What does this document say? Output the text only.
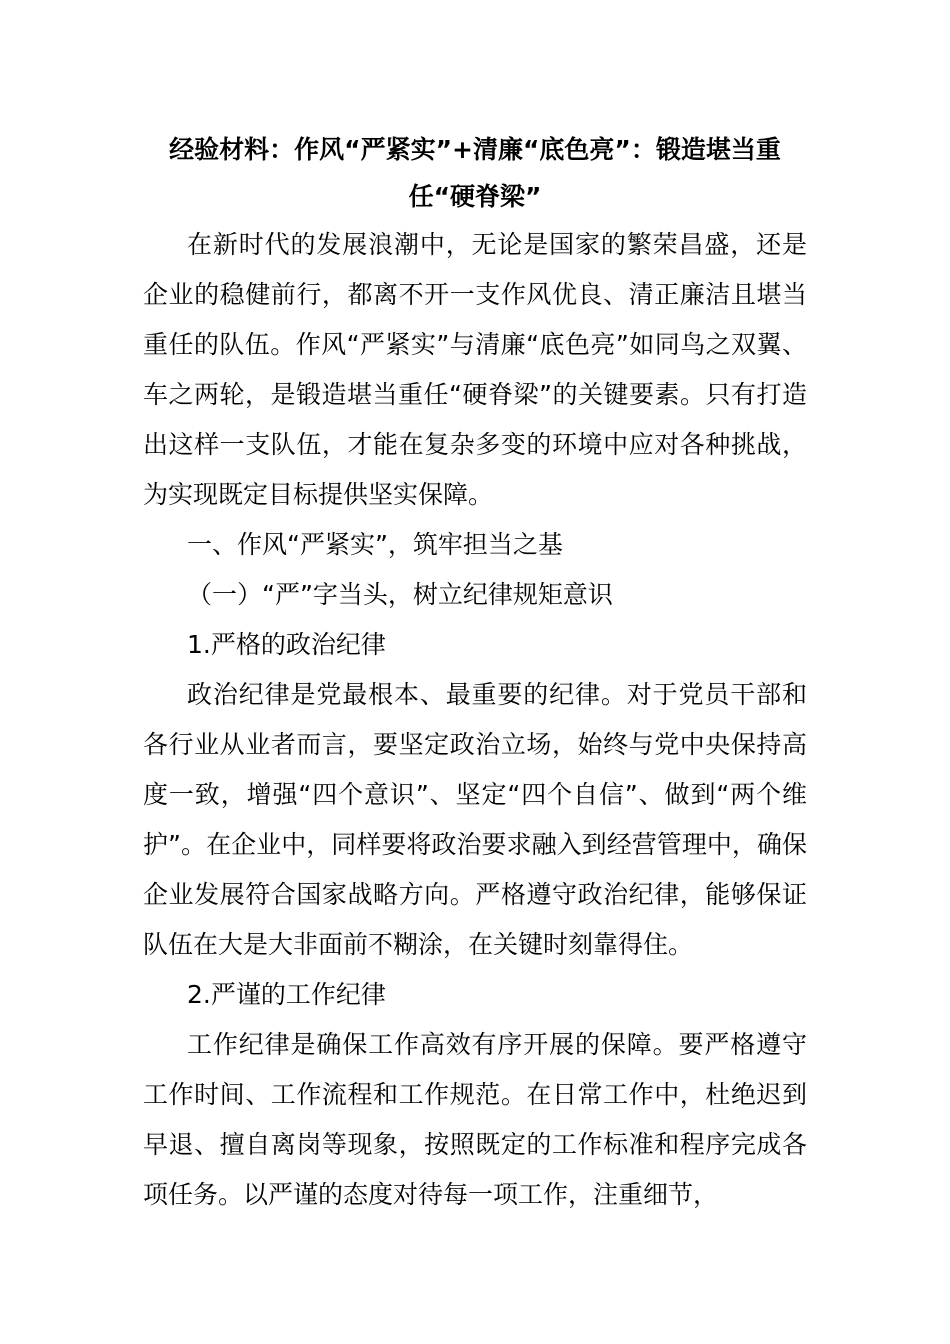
经验材料：作风“严紧实”+清廉“底色亮”：锻造堪当重任“硬脊梁”

在新时代的发展浪潮中，无论是国家的繁荣昌盛，还是企业的稳健前行，都离不开一支作风优良、清正廉洁且堪当重任的队伍。作风“严紧实”与清廉“底色亮”如同鸟之双翼、车之两轮，是锻造堪当重任“硬脊梁”的关键要素。只有打造出这样一支队伍，才能在复杂多变的环境中应对各种挑战，为实现既定目标提供坚实保障。

一、作风“严紧实”，筑牢担当之基

（一）“严”字当头，树立纪律规矩意识

1.严格的政治纪律

政治纪律是党最根本、最重要的纪律。对于党员干部和各行业从业者而言，要坚定政治立场，始终与党中央保持高度一致，增强“四个意识”、坚定“四个自信”、做到“两个维护”。在企业中，同样要将政治要求融入到经营管理中，确保企业发展符合国家战略方向。严格遵守政治纪律，能够保证队伍在大是大非面前不糊涂，在关键时刻靠得住。

2.严谨的工作纪律

工作纪律是确保工作高效有序开展的保障。要严格遵守工作时间、工作流程和工作规范。在日常工作中，杜绝迟到早退、擅自离岗等现象，按照既定的工作标准和程序完成各项任务。以严谨的态度对待每一项工作，注重细节，
